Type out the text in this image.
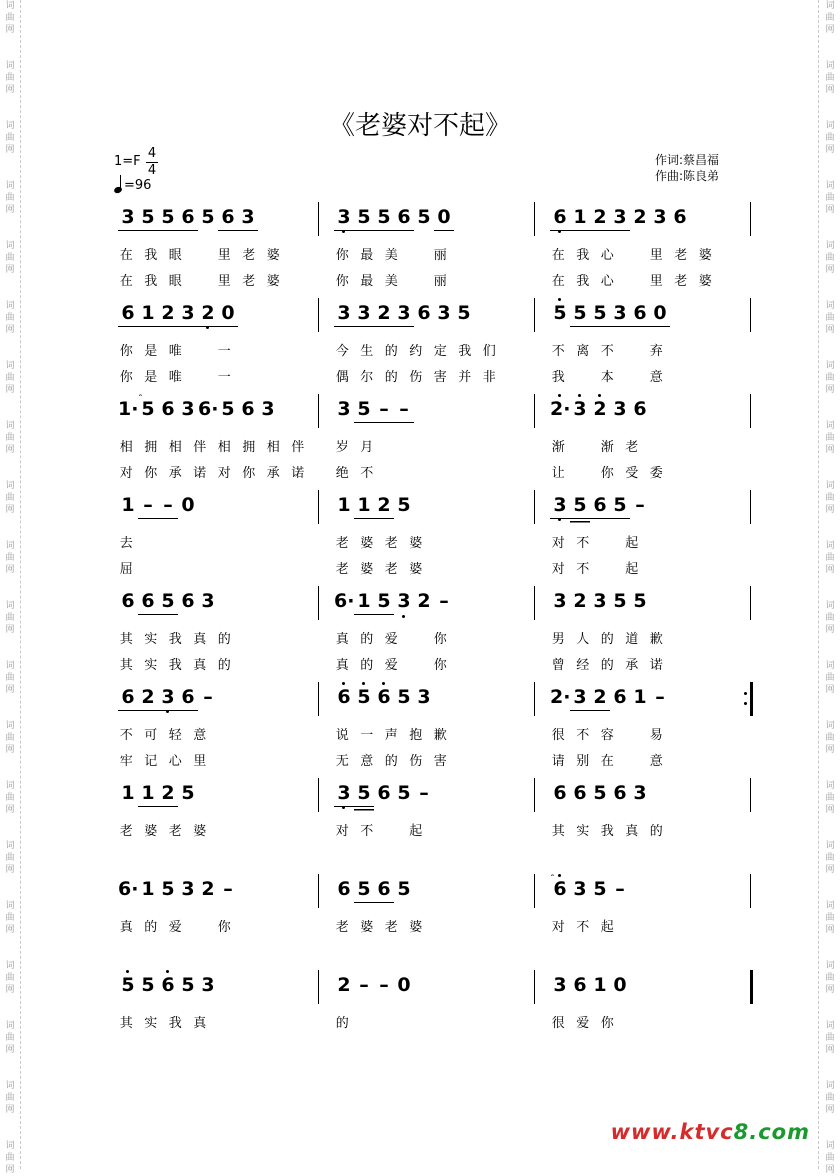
词
曲
网
词
曲
网
词
曲
网
词
曲
网
词
曲
网
词
曲
网
词
曲
网
词
曲
网
词
曲
网
词
曲
网
词
曲
网
词
曲
网
词
曲
网
词
曲
网
词
曲
网
词
曲
网
词
曲
网
词
曲
网
词
曲
网
词
曲
网
词
曲
网
词
曲
网
词
曲
网
词
曲
网
词
曲
网
词
曲
网
词
曲
网
词
曲
网
词
曲
网
词
曲
网
词
曲
网
词
曲
网
词
曲
网
词
曲
网
词
曲
网
词
曲
网
词
曲
网
词
曲
网
词
曲
网
词
曲
网
《老婆对不起》
1=F
4
4
=96
作词:蔡昌福
作曲:陈良弟
3 5 5 6 5 6 3
在 我 眼	里 老 婆
在 我 眼	里 老 婆
3 5 5 6 5 0
你 最 美	丽
你 最 美	丽
6 1 2 3 2 3 6
在 我 心	里 老 婆
在 我 心	里 老 婆
6 1 2 3 2 0
你 是 唯	一
你 是 唯	一
3 3 2 3 6 3 5
今 生 的 约 定 我 们
偶 尔 的 伤 害 并 非
5 5 5 3 6 0
不 离 不	弃
我	本	意
1· 5 6 3 6· 5 6 3
相 拥 相 伴 相 拥 相 伴
对 你 承 诺 对 你 承 诺
3 5 – –
岁 月
绝 不
2· 3 2 3 6
渐	渐 老
让	你 受 委
1 – – 0
去
屈
1 1 2 5
老 婆 老 婆
老 婆 老 婆
3 5 6 5 –
对 不	起
对 不	起
6 6 5 6 3
其 实 我 真 的
其 实 我 真 的
6· 1 5 3 2 –
真 的 爱	你
真 的 爱	你
3 2 3 5 5
男 人 的 道 歉
曾 经 的 承 诺
6 2 3 6 –
不 可 轻 意
牢 记 心 里
6 5 6 5 3
说 一 声 抱 歉
无 意 的 伤 害
2· 3 2 6 1 –
很 不 容	易
请 别 在	意
1 1 2 5
老 婆 老 婆
3 5 6 5 –
对 不	起
6 6 5 6 3
其 实 我 真 的
6· 1 5 3 2 –
真 的 爱	你
6 5 6 5
老 婆 老 婆
6 3 5 –
对 不 起
5 5 6 5 3
其 实 我 真
2 – – 0
的
3 6 1 0
很 爱 你
www.ktvc8.com
